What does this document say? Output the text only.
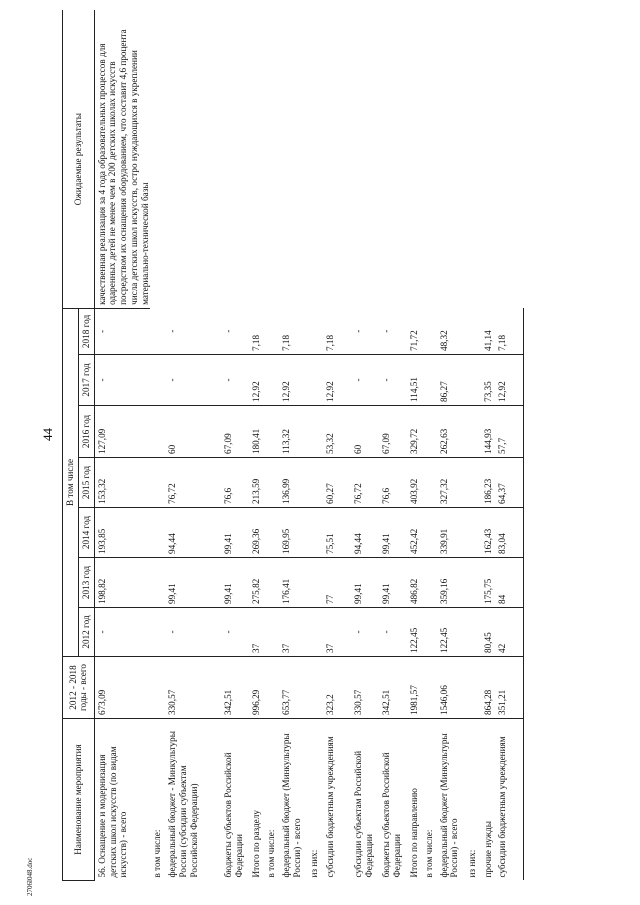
44
Наименование мероприятия	2012 - 2018 годы - всего	В том числе							Ожидаемые результаты
		2012 год	2013 год	2014 год	2015 год	2016 год	2017 год	2018 год	
56. Оснащение и модернизация детских школ искусств (по видам искусств) - всего	673,09	-	198,82	193,85	153,32	127,09	-	-	качественная реализация за 4 года образовательных процессов для одаренных детей не менее чем в 200 детских школах искусств посредством их оснащения оборудованием, что составит 4,6 процента числа детских школ искусств, остро нуждающихся в укреплении материально-технической базы
в том числе:									
федеральный бюджет - Минкультуры России (субсидии субъектам Российской Федерации)	330,57	-	99,41	94,44	76,72	60	-	-	
бюджеты субъектов Российской Федерации	342,51	-	99,41	99,41	76,6	67,09	-	-	
Итого по разделу	996,29	37	275,82	269,36	213,59	180,41	12,92	7,18	
в том числе:									
федеральный бюджет (Минкультуры России) - всего	653,77	37	176,41	169,95	136,99	113,32	12,92	7,18	
из них:									
субсидии бюджетным учреждениям	323,2	37	77	75,51	60,27	53,32	12,92	7,18	
субсидии субъектам Российской Федерации	330,57	-	99,41	94,44	76,72	60	-	-	
бюджеты субъектов Российской Федерации	342,51	-	99,41	99,41	76,6	67,09	-	-	
Итого по направлению	1981,57	122,45	486,82	452,42	403,92	329,72	114,51	71,72	
в том числе:									
федеральный бюджет (Минкультуры России) - всего	1546,06	122,45	359,16	339,91	327,32	262,63	86,27	48,32	
из них:									
прочие нужды	864,28	80,45	175,75	162,43	186,23	144,93	73,35	41,14	
субсидии бюджетным учреждениям	351,21	42	84	83,04	64,37	57,7	12,92	7,18	
2706l048.doc
